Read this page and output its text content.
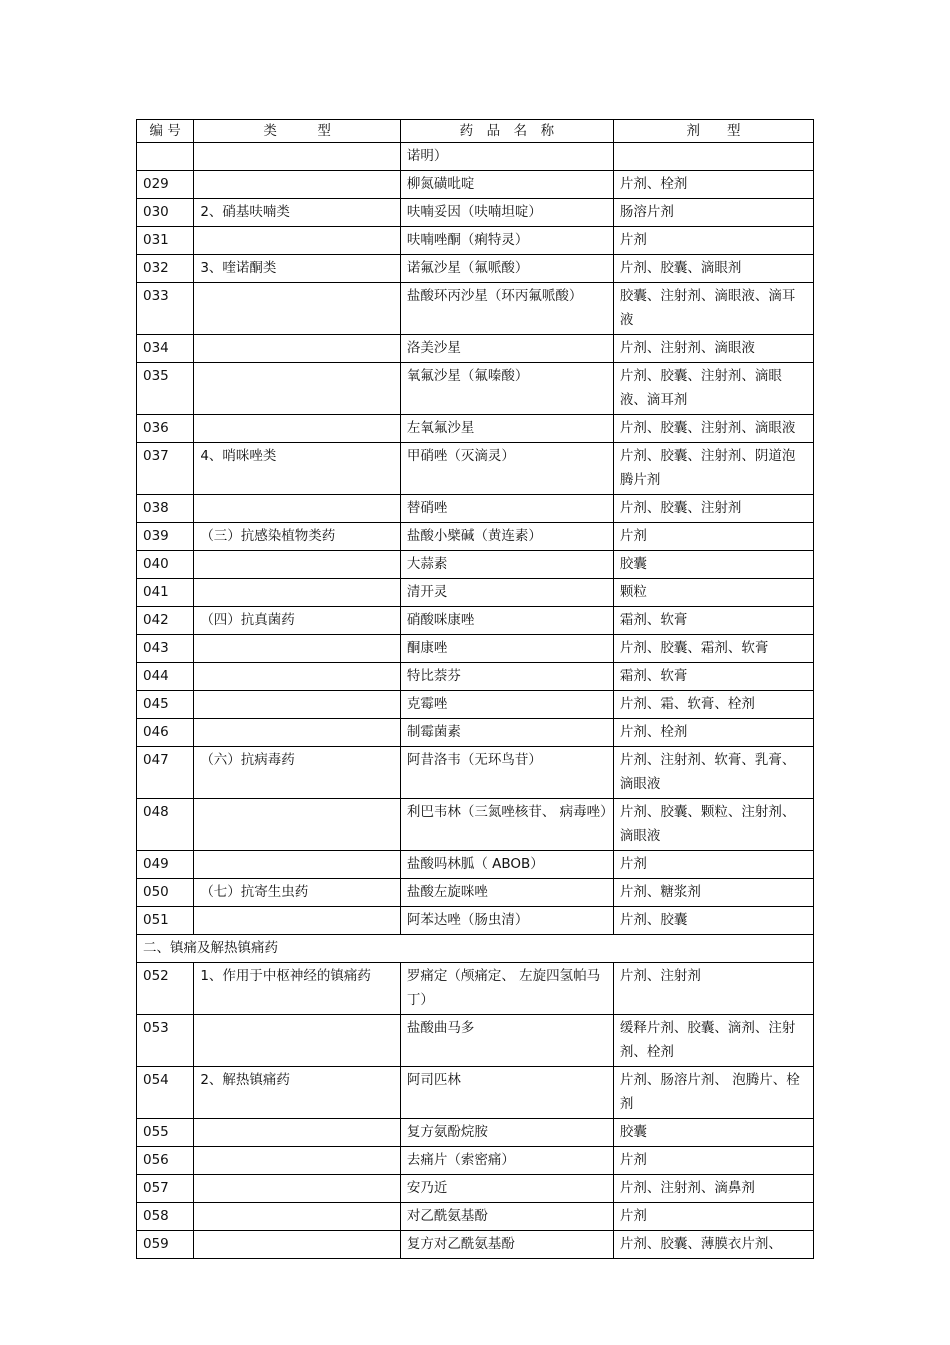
编 号	类　　　型	药　品　名　称	剂　　型
		诺明）	
029		柳氮磺吡啶	片剂、栓剂
030	2、硝基呋喃类	呋喃妥因（呋喃坦啶）	肠溶片剂
031		呋喃唑酮（痢特灵）	片剂
032	3、喹诺酮类	诺氟沙星（氟哌酸）	片剂、胶囊、滴眼剂
033		盐酸环丙沙星（环丙氟哌酸）	胶囊、注射剂、滴眼液、滴耳液
034		洛美沙星	片剂、注射剂、滴眼液
035		氧氟沙星（氟嗪酸）	片剂、胶囊、注射剂、滴眼液、滴耳剂
036		左氧氟沙星	片剂、胶囊、注射剂、滴眼液
037	4、哨咪唑类	甲硝唑（灭滴灵）	片剂、胶囊、注射剂、阴道泡腾片剂
038		替硝唑	片剂、胶囊、注射剂
039	（三）抗感染植物类药	盐酸小檗碱（黄连素）	片剂
040		大蒜素	胶囊
041		清开灵	颗粒
042	（四）抗真菌药	硝酸咪康唑	霜剂、软膏
043		酮康唑	片剂、胶囊、霜剂、软膏
044		特比萘芬	霜剂、软膏
045		克霉唑	片剂、霜、软膏、栓剂
046		制霉菌素	片剂、栓剂
047	（六）抗病毒药	阿昔洛韦（无环鸟苷）	片剂、注射剂、软膏、乳膏、滴眼液
048		利巴韦林（三氮唑核苷、 病毒唑）	片剂、胶囊、颗粒、注射剂、滴眼液
049		盐酸吗林胍（ ABOB）	片剂
050	（七）抗寄生虫药	盐酸左旋咪唑	片剂、糖浆剂
051		阿苯达唑（肠虫清）	片剂、胶囊
二、镇痛及解热镇痛药			
052	1、作用于中枢神经的镇痛药	罗痛定（颅痛定、 左旋四氢帕马丁）	片剂、注射剂
053		盐酸曲马多	缓释片剂、胶囊、滴剂、注射剂、栓剂
054	2、解热镇痛药	阿司匹林	片剂、肠溶片剂、 泡腾片、栓剂
055		复方氨酚烷胺	胶囊
056		去痛片（索密痛）	片剂
057		安乃近	片剂、注射剂、滴鼻剂
058		对乙酰氨基酚	片剂
059		复方对乙酰氨基酚	片剂、胶囊、薄膜衣片剂、
